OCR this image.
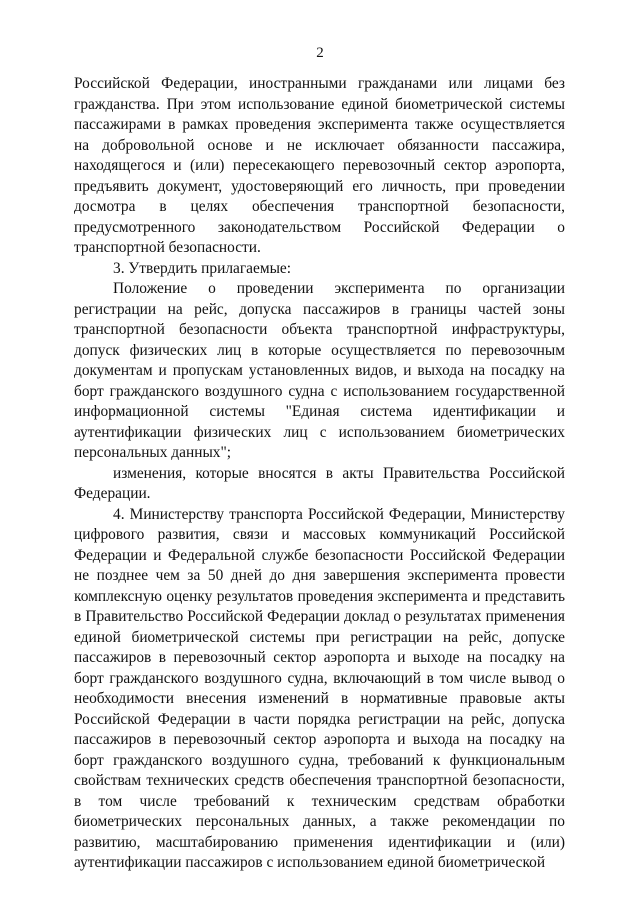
2

Российской Федерации, иностранными гражданами или лицами без гражданства. При этом использование единой биометрической системы пассажирами в рамках проведения эксперимента также осуществляется на добровольной основе и не исключает обязанности пассажира, находящегося и (или) пересекающего перевозочный сектор аэропорта, предъявить документ, удостоверяющий его личность, при проведении досмотра в целях обеспечения транспортной безопасности, предусмотренного законодательством Российской Федерации о транспортной безопасности.

3. Утвердить прилагаемые:

Положение о проведении эксперимента по организации регистрации на рейс, допуска пассажиров в границы частей зоны транспортной безопасности объекта транспортной инфраструктуры, допуск физических лиц в которые осуществляется по перевозочным документам и пропускам установленных видов, и выхода на посадку на борт гражданского воздушного судна с использованием государственной информационной системы "Единая система идентификации и аутентификации физических лиц с использованием биометрических персональных данных";

изменения, которые вносятся в акты Правительства Российской Федерации.

4. Министерству транспорта Российской Федерации, Министерству цифрового развития, связи и массовых коммуникаций Российской Федерации и Федеральной службе безопасности Российской Федерации не позднее чем за 50 дней до дня завершения эксперимента провести комплексную оценку результатов проведения эксперимента и представить в Правительство Российской Федерации доклад о результатах применения единой биометрической системы при регистрации на рейс, допуске пассажиров в перевозочный сектор аэропорта и выходе на посадку на борт гражданского воздушного судна, включающий в том числе вывод о необходимости внесения изменений в нормативные правовые акты Российской Федерации в части порядка регистрации на рейс, допуска пассажиров в перевозочный сектор аэропорта и выхода на посадку на борт гражданского воздушного судна, требований к функциональным свойствам технических средств обеспечения транспортной безопасности, в том числе требований к техническим средствам обработки биометрических персональных данных, а также рекомендации по развитию, масштабированию применения идентификации и (или) аутентификации пассажиров с использованием единой биометрической
